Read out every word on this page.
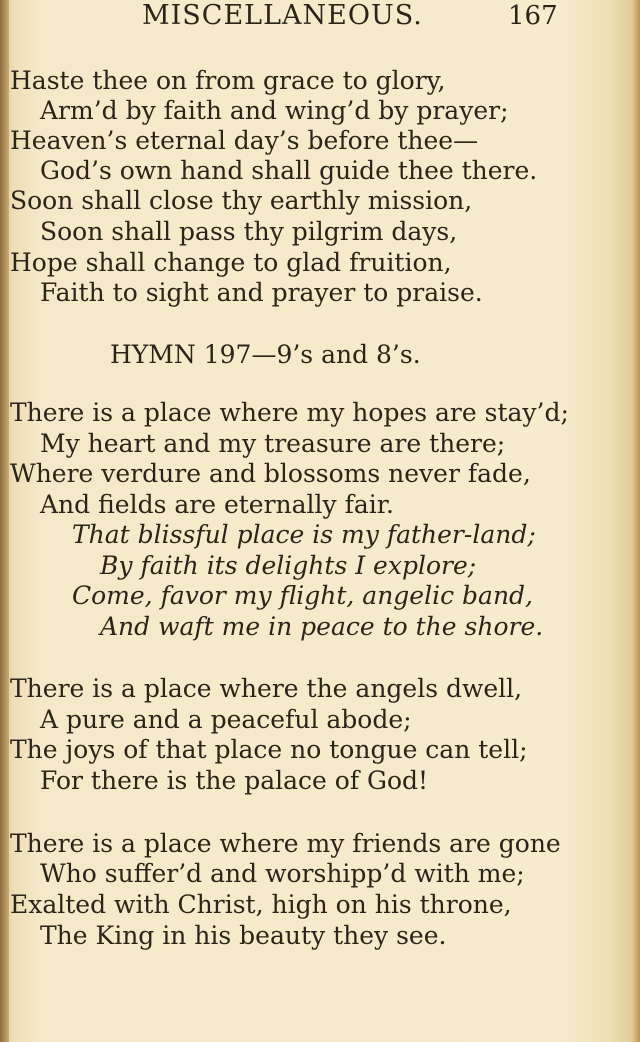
MISCELLANEOUS.	167
Haste thee on from grace to glory,
Arm’d by faith and wing’d by prayer;
Heaven’s eternal day’s before thee—
God’s own hand shall guide thee there.
Soon shall close thy earthly mission,
Soon shall pass thy pilgrim days,
Hope shall change to glad fruition,
Faith to sight and prayer to praise.
HYMN 197—9’s and 8’s.
There is a place where my hopes are stay’d;
My heart and my treasure are there;
Where verdure and blossoms never fade,
And fields are eternally fair.
That blissful place is my father-land;
By faith its delights I explore;
Come, favor my flight, angelic band,
And waft me in peace to the shore.
There is a place where the angels dwell,
A pure and a peaceful abode;
The joys of that place no tongue can tell;
For there is the palace of God!
There is a place where my friends are gone
Who suffer’d and worshipp’d with me;
Exalted with Christ, high on his throne,
The King in his beauty they see.
